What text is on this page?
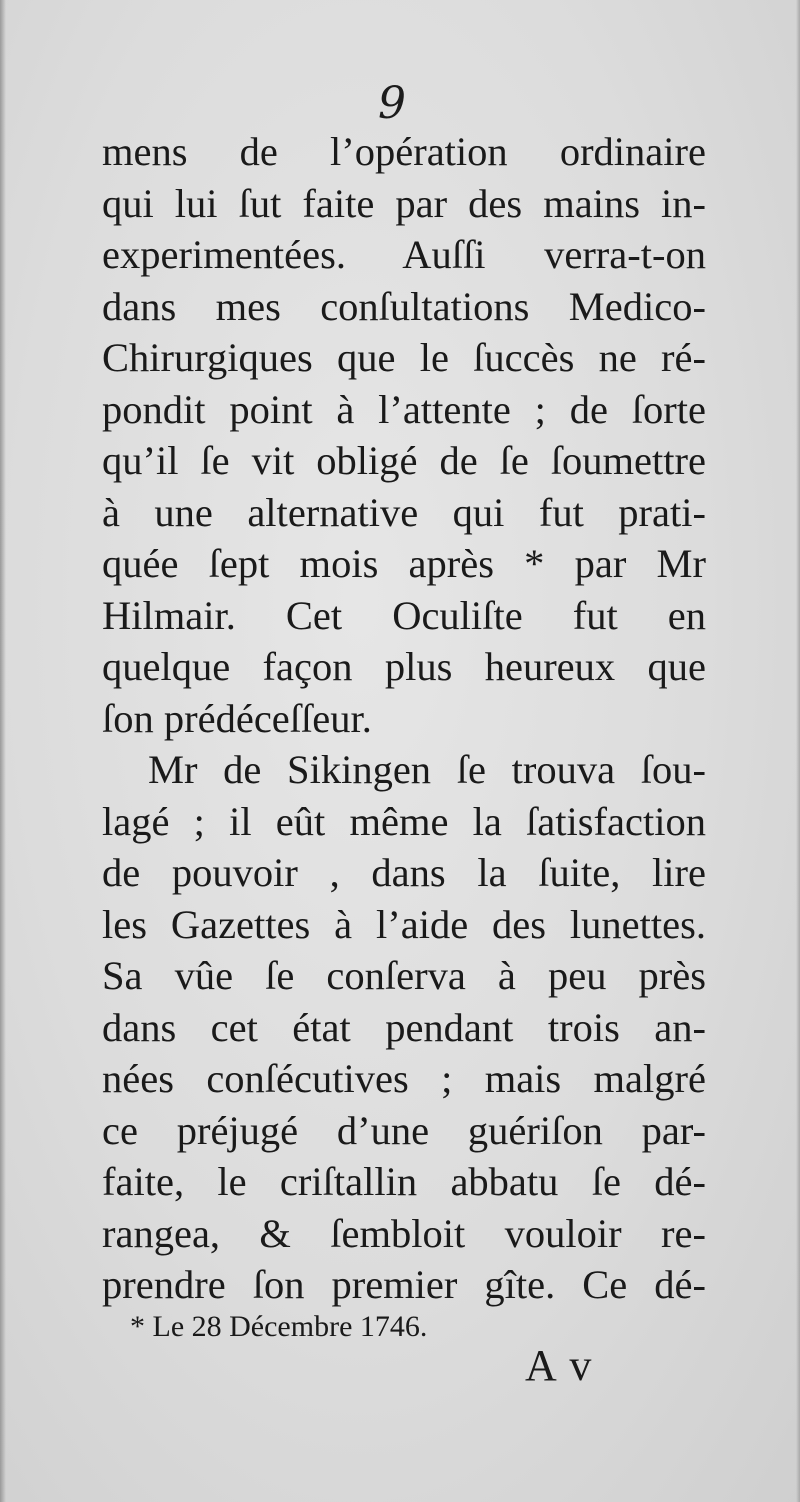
9
mens de l’opération ordinaire
qui lui ſut faite par des mains in-
experimentées. Auſſi verra-t-on
dans mes conſultations Medico-
Chirurgiques que le ſuccès ne ré-
pondit point à l’attente ; de ſorte
qu’il ſe vit obligé de ſe ſoumettre
à une alternative qui fut prati-
quée ſept mois après * par Mr
Hilmair. Cet Oculiſte fut en
quelque façon plus heureux que
ſon prédéceſſeur.
Mr de Sikingen ſe trouva ſou-
lagé ; il eût même la ſatisfaction
de pouvoir , dans la ſuite, lire
les Gazettes à l’aide des lunettes.
Sa vûe ſe conſerva à peu près
dans cet état pendant trois an-
nées conſécutives ; mais malgré
ce préjugé d’une guériſon par-
faite, le criſtallin abbatu ſe dé-
rangea, & ſembloit vouloir re-
prendre ſon premier gîte. Ce dé-
* Le 28 Décembre 1746.
A v
